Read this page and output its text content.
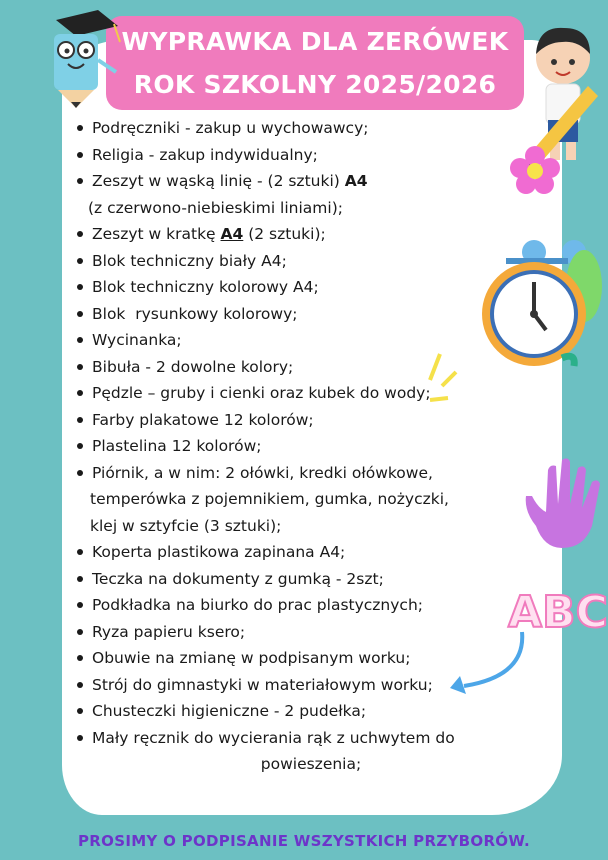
WYPRAWKA DLA ZERÓWEK
ROK SZKOLNY 2025/2026
ABC
Podręczniki - zakup u wychowawcy;
Religia - zakup indywidualny;
Zeszyt w wąską linię - (2 sztuki) A4
(z czerwono-niebieskimi liniami);
Zeszyt w kratkę A4 (2 sztuki);
Blok techniczny biały A4;
Blok techniczny kolorowy A4;
Blok  rysunkowy kolorowy;
Wycinanka;
Bibuła - 2 dowolne kolory;
Pędzle – gruby i cienki oraz kubek do wody;
Farby plakatowe 12 kolorów;
Plastelina 12 kolorów;
Piórnik, a w nim: 2 ołówki, kredki ołówkowe,
temperówka z pojemnikiem, gumka, nożyczki,
klej w sztyfcie (3 sztuki);
Koperta plastikowa zapinana A4;
Teczka na dokumenty z gumką - 2szt;
Podkładka na biurko do prac plastycznych;
Ryza papieru ksero;
Obuwie na zmianę w podpisanym worku;
Strój do gimnastyki w materiałowym worku;
Chusteczki higieniczne - 2 pudełka;
Mały ręcznik do wycierania rąk z uchwytem do
powieszenia;
PROSIMY O PODPISANIE WSZYSTKICH PRZYBORÓW.
